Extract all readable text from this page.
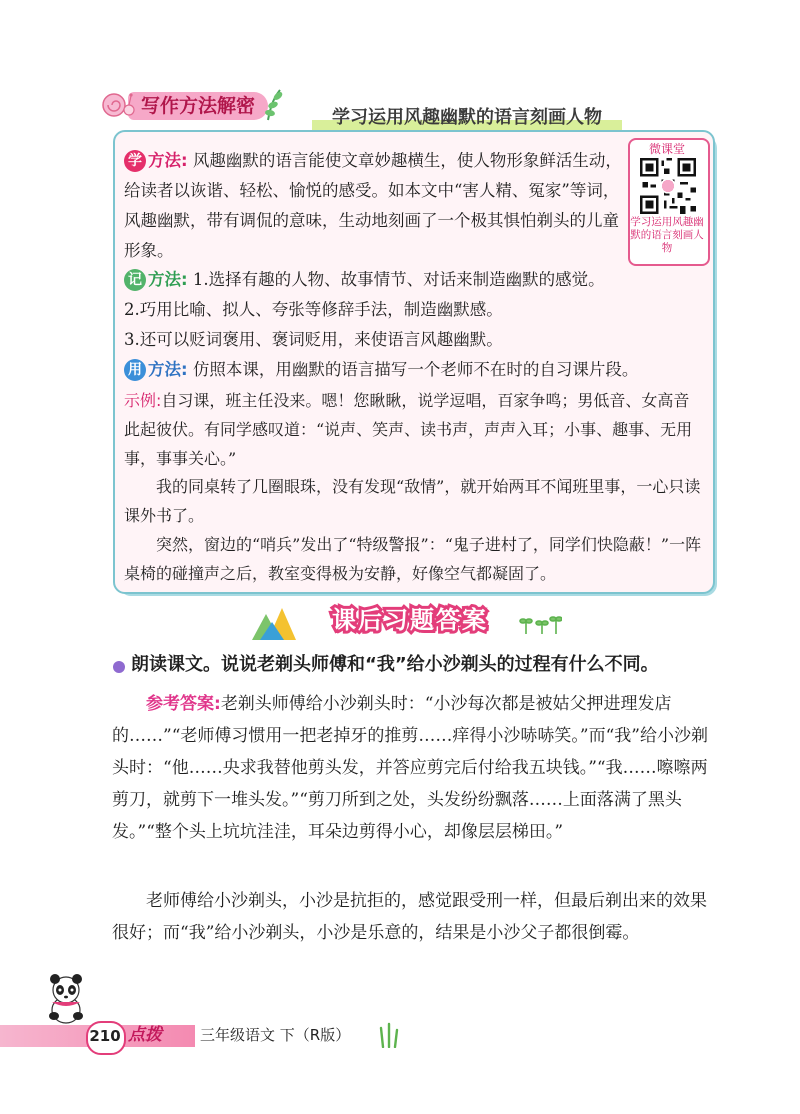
写作方法解密
学习运用风趣幽默的语言刻画人物
微课堂
学习运用风趣幽默的语言刻画人物
学 方法: 风趣幽默的语言能使文章妙趣横生，使人物形象鲜活生动，给读者以诙谐、轻松、愉悦的感受。如本文中“害人精、冤家”等词，风趣幽默，带有调侃的意味，生动地刻画了一个极其惧怕剃头的儿童形象。
记 方法: 1.选择有趣的人物、故事情节、对话来制造幽默的感觉。
2.巧用比喻、拟人、夸张等修辞手法，制造幽默感。
3.还可以贬词褒用、褒词贬用，来使语言风趣幽默。
用 方法: 仿照本课，用幽默的语言描写一个老师不在时的自习课片段。
示例:自习课，班主任没来。嗯！您瞅瞅，说学逗唱，百家争鸣；男低音、女高音此起彼伏。有同学感叹道：“说声、笑声、读书声，声声入耳；小事、趣事、无用事，事事关心。”
我的同桌转了几圈眼珠，没有发现“敌情”，就开始两耳不闻班里事，一心只读课外书了。
突然，窗边的“哨兵”发出了“特级警报”：“鬼子进村了，同学们快隐蔽！”一阵桌椅的碰撞声之后，教室变得极为安静，好像空气都凝固了。
课后习题答案
朗读课文。说说老剃头师傅和“我”给小沙剃头的过程有什么不同。
参考答案:老剃头师傅给小沙剃头时：“小沙每次都是被姑父押进理发店的……”“老师傅习惯用一把老掉牙的推剪……痒得小沙哧哧笑。”而“我”给小沙剃头时：“他……央求我替他剪头发，并答应剪完后付给我五块钱。”“我……嚓嚓两剪刀，就剪下一堆头发。”“剪刀所到之处，头发纷纷飘落……上面落满了黑头发。”“整个头上坑坑洼洼，耳朵边剪得小心，却像层层梯田。”
老师傅给小沙剃头，小沙是抗拒的，感觉跟受刑一样，但最后剃出来的效果很好；而“我”给小沙剃头，小沙是乐意的，结果是小沙父子都很倒霉。
210 点拨	三年级语文 下（R版）
